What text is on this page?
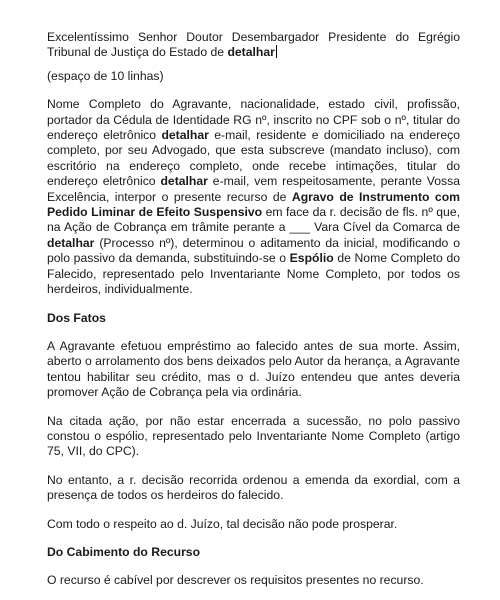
Excelentíssimo Senhor Doutor Desembargador Presidente do Egrégio Tribunal de Justiça do Estado de detalhar

(espaço de 10 linhas)

Nome Completo do Agravante, nacionalidade, estado civil, profissão, portador da Cédula de Identidade RG nº, inscrito no CPF sob o nº, titular do endereço eletrônico detalhar e-mail, residente e domiciliado na endereço completo, por seu Advogado, que esta subscreve (mandato incluso), com escritório na endereço completo, onde recebe intimações, titular do endereço eletrônico detalhar e-mail, vem respeitosamente, perante Vossa Excelência, interpor o presente recurso de Agravo de Instrumento com Pedido Liminar de Efeito Suspensivo em face da r. decisão de fls. nº que, na Ação de Cobrança em trâmite perante a ___ Vara Cível da Comarca de detalhar (Processo nº), determinou o aditamento da inicial, modificando o polo passivo da demanda, substituindo-se o Espólio de Nome Completo do Falecido, representado pelo Inventariante Nome Completo, por todos os herdeiros, individualmente.

Dos Fatos

A Agravante efetuou empréstimo ao falecido antes de sua morte. Assim, aberto o arrolamento dos bens deixados pelo Autor da herança, a Agravante tentou habilitar seu crédito, mas o d. Juízo entendeu que antes deveria promover Ação de Cobrança pela via ordinária.

Na citada ação, por não estar encerrada a sucessão, no polo passivo constou o espólio, representado pelo Inventariante Nome Completo (artigo 75, VII, do CPC).

No entanto, a r. decisão recorrida ordenou a emenda da exordial, com a presença de todos os herdeiros do falecido.

Com todo o respeito ao d. Juízo, tal decisão não pode prosperar.

Do Cabimento do Recurso

O recurso é cabível por descrever os requisitos presentes no recurso.
